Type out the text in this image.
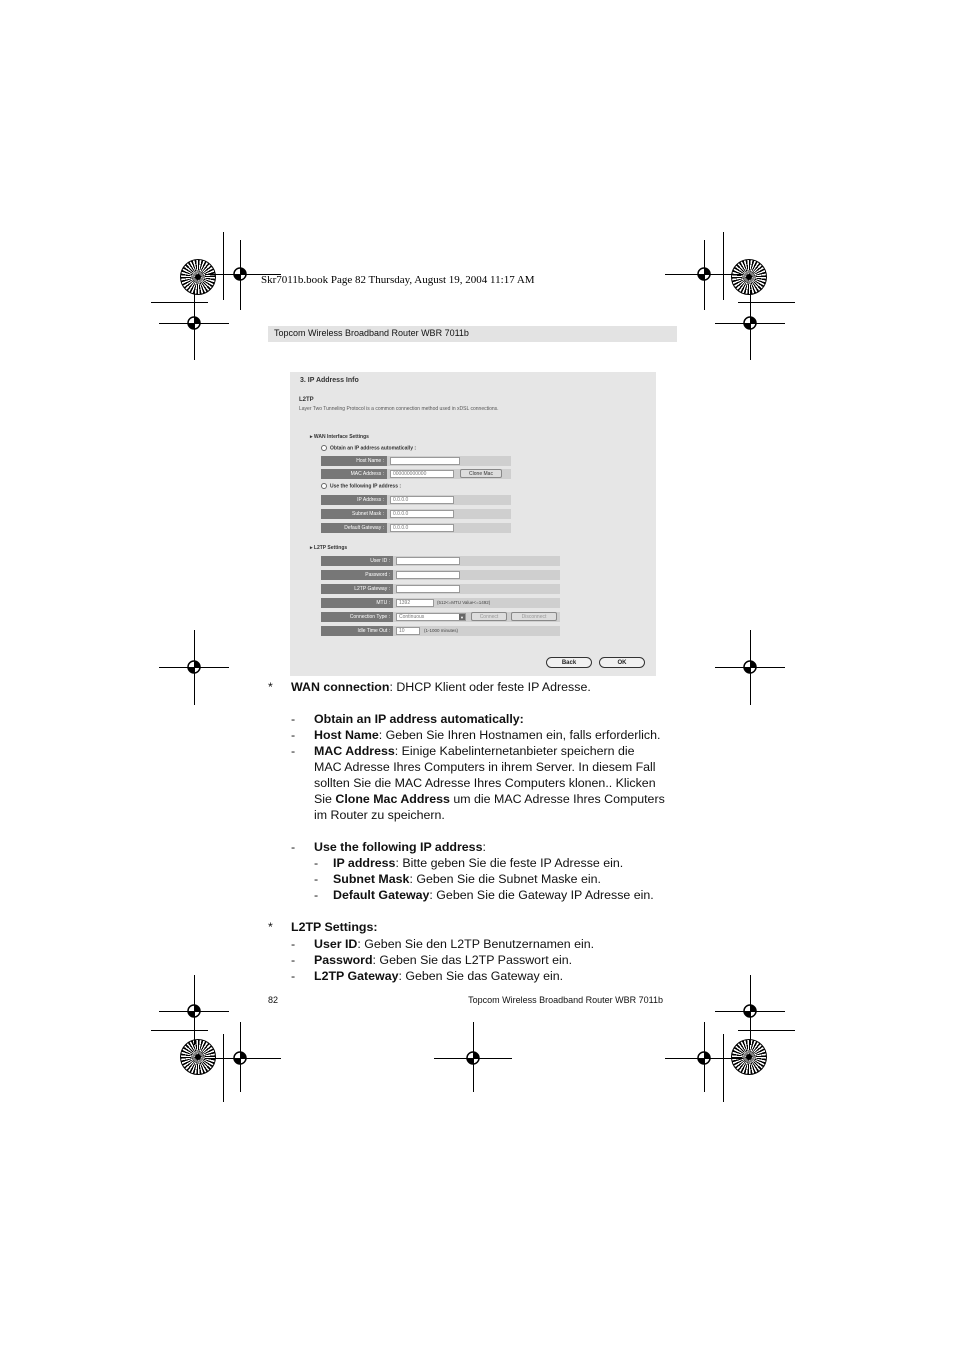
Skr7011b.book Page 82 Thursday, August 19, 2004 11:17 AM
Topcom Wireless Broadband Router WBR 7011b
3. IP Address Info
L2TP
Layer Two Tunneling Protocol is a common connection method used in xDSL connections.
▸ WAN Interface Settings
Obtain an IP address automatically :
Host Name :
MAC Address :	000000000000	Clone Mac
Use the following IP address :
IP Address :	0.0.0.0
Subnet Mask :	0.0.0.0
Default Gateway :	0.0.0.0
▸ L2TP Settings
User ID :
Password :
L2TP Gateway :
MTU :	1392	(512<=MTU Value<=1492)
Connection Type :	Continuous	▼	Connect	Disconnect
Idle Time Out :	10	(1-1000 minutes)
Back	OK
* WAN connection: DHCP Klient oder feste IP Adresse.
- Obtain an IP address automatically:
- Host Name: Geben Sie Ihren Hostnamen ein, falls erforderlich.
- MAC Address: Einige Kabelinternetanbieter speichern die
MAC Adresse Ihres Computers in ihrem Server. In diesem Fall
sollten Sie die MAC Adresse Ihres Computers klonen.. Klicken
Sie Clone Mac Address um die MAC Adresse Ihres Computers
im Router zu speichern.
- Use the following IP address:
- IP address: Bitte geben Sie die feste IP Adresse ein.
- Subnet Mask: Geben Sie die Subnet Maske ein.
- Default Gateway: Geben Sie die Gateway IP Adresse ein.
* L2TP Settings:
- User ID: Geben Sie den L2TP Benutzernamen ein.
- Password: Geben Sie das L2TP Passwort ein.
- L2TP Gateway: Geben Sie das Gateway ein.
82	Topcom Wireless Broadband Router WBR 7011b
